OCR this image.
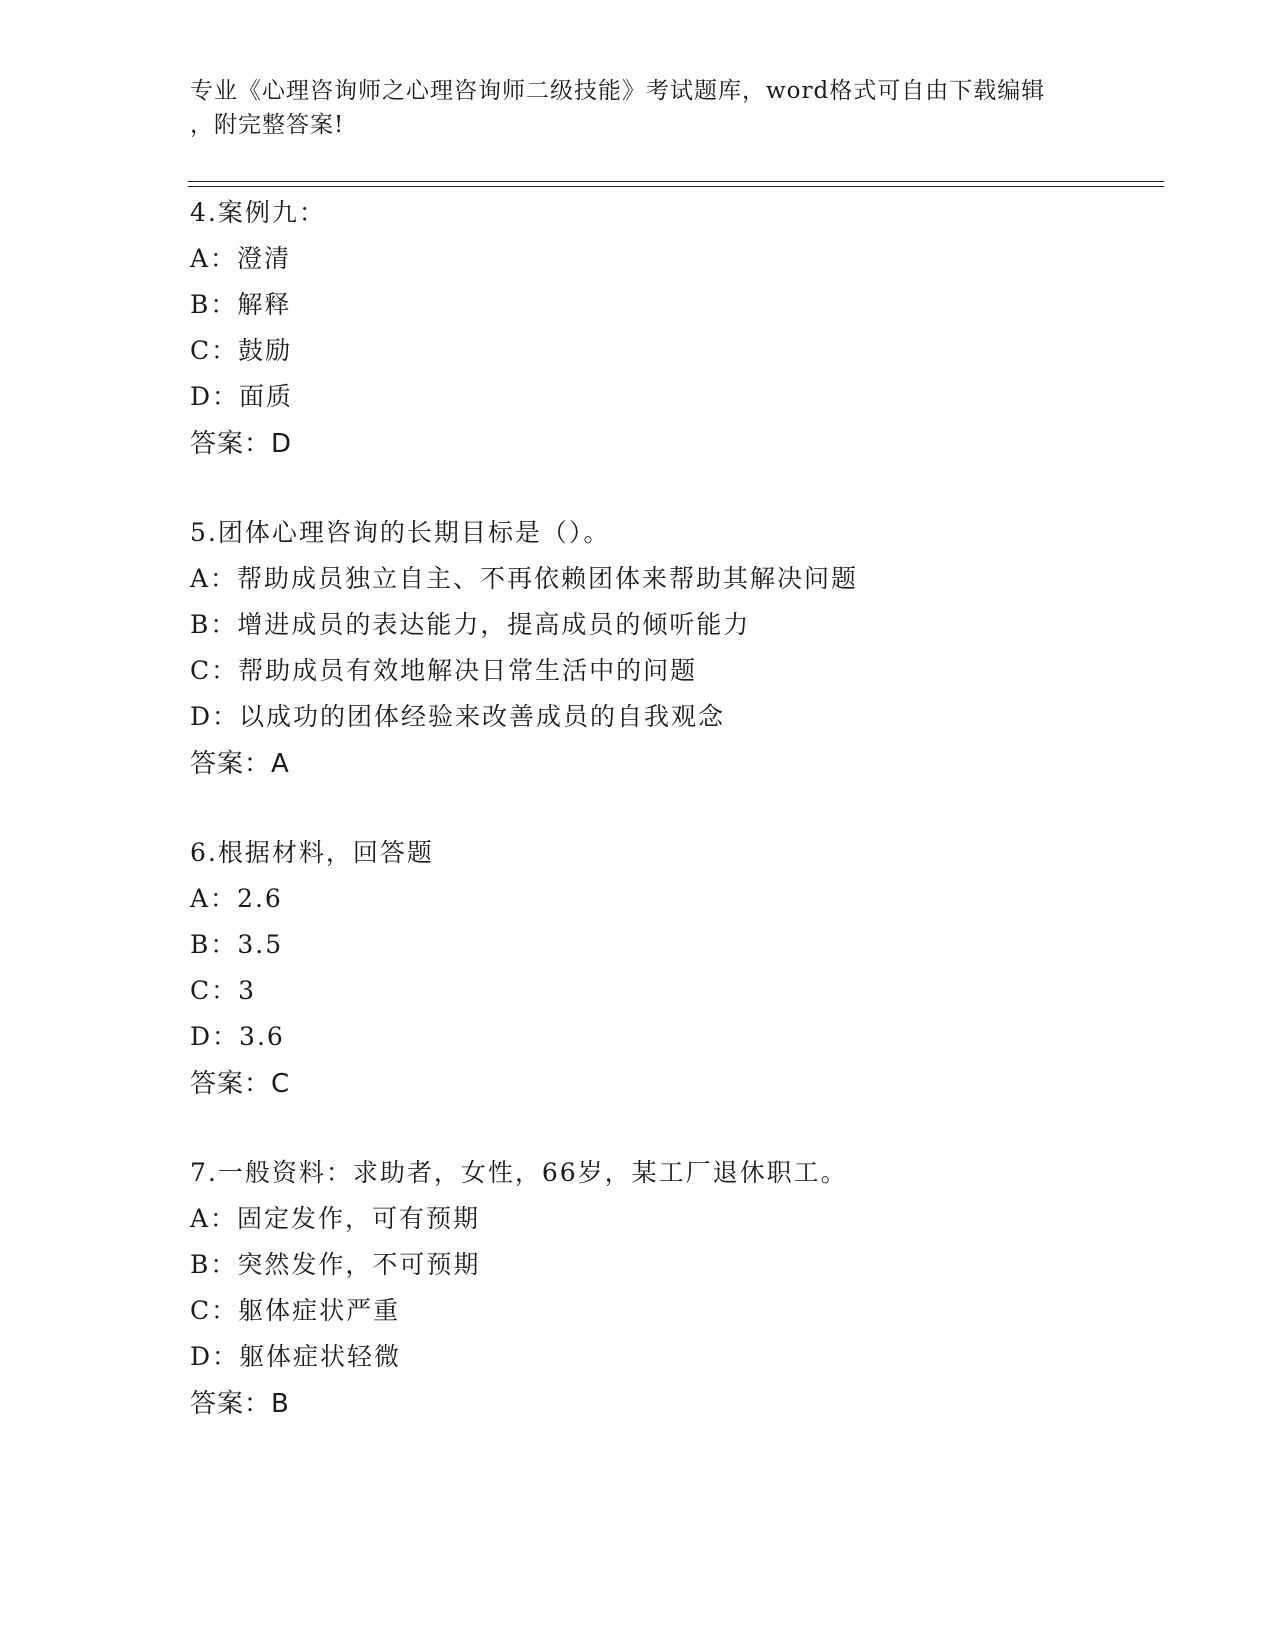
专业《心理咨询师之心理咨询师二级技能》考试题库，word格式可自由下载编辑
，附完整答案!
4.案例九：
A：澄清
B：解释
C：鼓励
D：面质
答案：D
5.团体心理咨询的长期目标是（）。
A：帮助成员独立自主、不再依赖团体来帮助其解决问题
B：增进成员的表达能力，提高成员的倾听能力
C：帮助成员有效地解决日常生活中的问题
D：以成功的团体经验来改善成员的自我观念
答案：A
6.根据材料，回答题
A：2.6
B：3.5
C：3
D：3.6
答案：C
7.一般资料：求助者，女性，66岁，某工厂退休职工。
A：固定发作，可有预期
B：突然发作，不可预期
C：躯体症状严重
D：躯体症状轻微
答案：B
